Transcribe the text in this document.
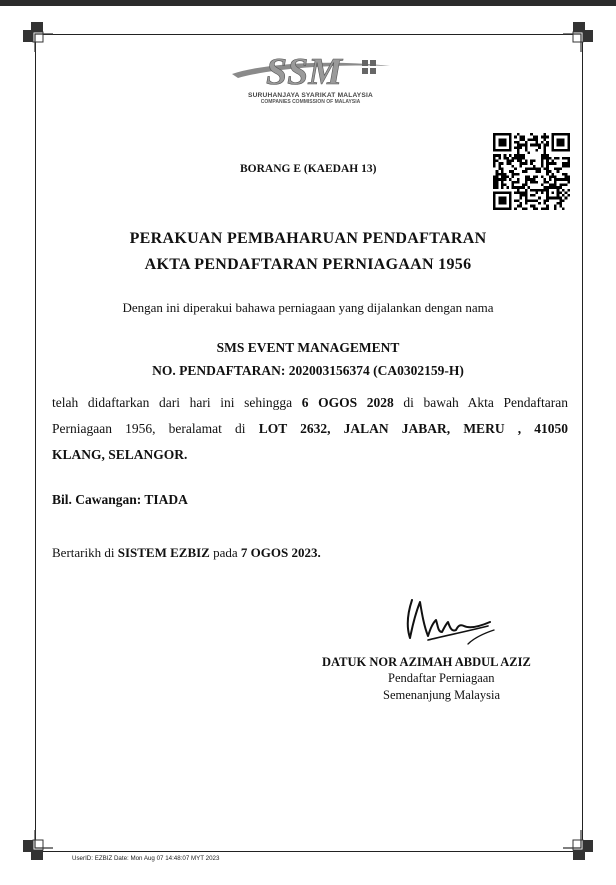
SSM
SURUHANJAYA SYARIKAT MALAYSIA
COMPANIES COMMISSION OF MALAYSIA
BORANG E (KAEDAH 13)
PERAKUAN PEMBAHARUAN PENDAFTARAN
AKTA PENDAFTARAN PERNIAGAAN 1956
Dengan ini diperakui bahawa perniagaan yang dijalankan dengan nama
SMS EVENT MANAGEMENT
NO. PENDAFTARAN: 202003156374 (CA0302159-H)
telah didaftarkan dari hari ini sehingga 6 OGOS 2028 di bawah Akta Pendaftaran
Perniagaan 1956, beralamat di LOT 2632, JALAN JABAR, MERU , 41050
KLANG, SELANGOR.
Bil. Cawangan: TIADA
Bertarikh di SISTEM EZBIZ pada 7 OGOS 2023.
DATUK NOR AZIMAH ABDUL AZIZ
Pendaftar Perniagaan
Semenanjung Malaysia
UserID: EZBIZ Date: Mon Aug 07 14:48:07 MYT 2023
